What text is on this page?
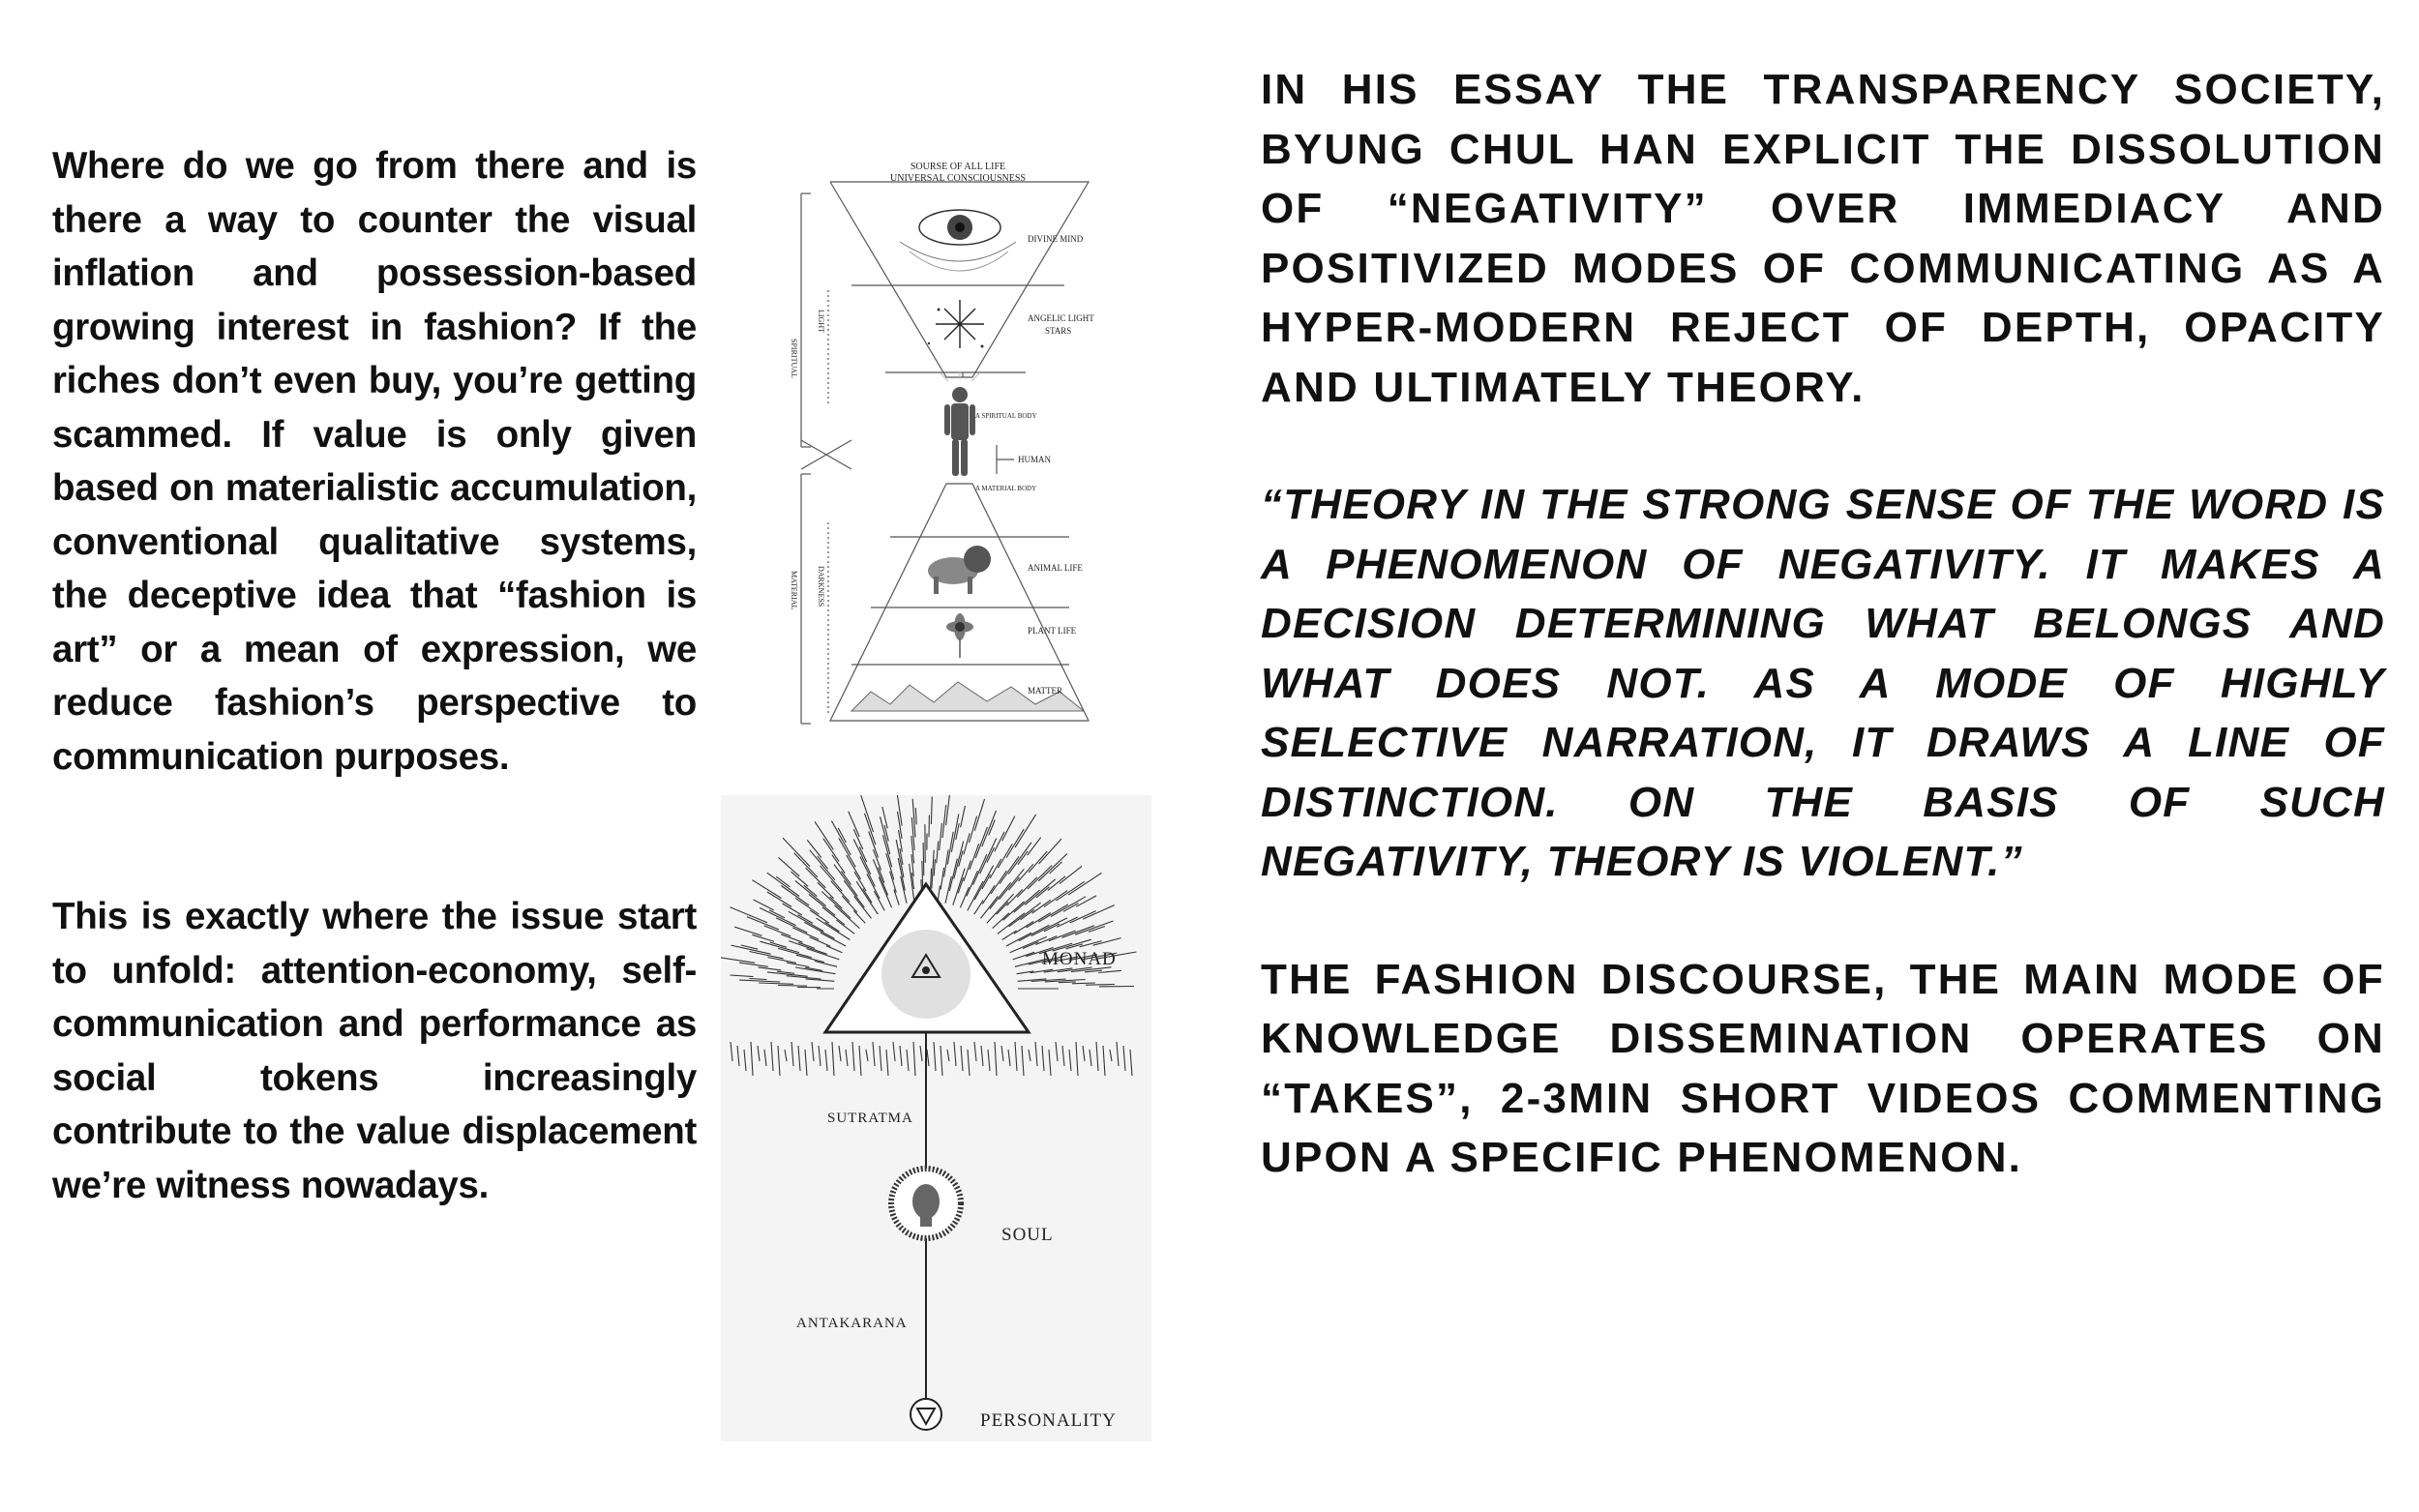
Where do we go from there and is there a way to counter the visual inflation and possession-based growing interest in fashion? If the riches don’t even buy, you’re getting scammed. If value is only given based on materialistic accumulation, conventional qualitative systems, the deceptive idea that “fashion is art” or a mean of expression, we reduce fashion’s perspective to communication purposes.

This is exactly where the issue start to unfold: attention-economy, self-communication and performance as social tokens increasingly contribute to the value displacement we’re witness nowadays.

SOURSE OF ALL LIFE
UNIVERSAL CONSCIOUSNESS
DIVINE MIND
ANGELIC LIGHT
STARS
A SPIRITUAL BODY
HUMAN
A MATERIAL BODY
ANIMAL LIFE
PLANT LIFE
MATTER
SPIRITUAL
LIGHT
MATERIAL DARKNESS
MONAD
SUTRATMA
SOUL
ANTAKARANA
PERSONALITY

IN HIS ESSAY THE TRANSPARENCY SOCIETY, BYUNG CHUL HAN EXPLICIT THE DISSOLUTION OF “NEGATIVITY” OVER IMMEDIACY AND POSITIVIZED MODES OF COMMUNICATING AS A HYPER-MODERN REJECT OF DEPTH, OPACITY AND ULTIMATELY THEORY.

“THEORY IN THE STRONG SENSE OF THE WORD IS A PHENOMENON OF NEGATIVITY. IT MAKES A DECISION DETERMINING WHAT BELONGS AND WHAT DOES NOT. AS A MODE OF HIGHLY SELECTIVE NARRATION, IT DRAWS A LINE OF DISTINCTION. ON THE BASIS OF SUCH NEGATIVITY, THEORY IS VIOLENT.”

THE FASHION DISCOURSE, THE MAIN MODE OF KNOWLEDGE DISSEMINATION OPERATES ON “TAKES”, 2-3MIN SHORT VIDEOS COMMENTING UPON A SPECIFIC PHENOMENON.
